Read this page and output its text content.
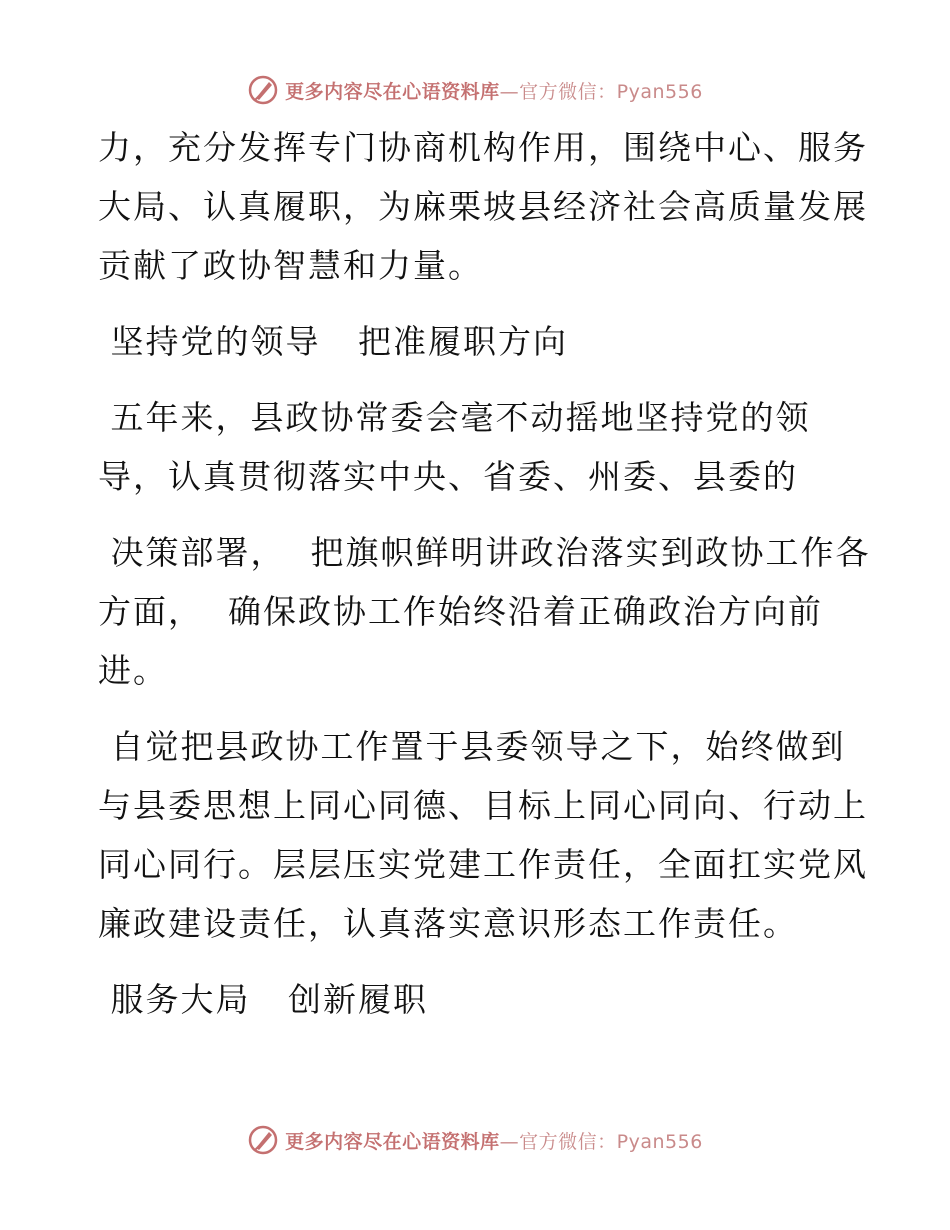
更多内容尽在心语资料库—官方微信：Pyan556
力，充分发挥专门协商机构作用，围绕中心、服务
大局、认真履职，为麻栗坡县经济社会高质量发展
贡献了政协智慧和力量。
坚持党的领导   把准履职方向
五年来，县政协常委会毫不动摇地坚持党的领
导，认真贯彻落实中央、省委、州委、县委的
决策部署，  把旗帜鲜明讲政治落实到政协工作各
方面，  确保政协工作始终沿着正确政治方向前
进。
自觉把县政协工作置于县委领导之下，始终做到
与县委思想上同心同德、目标上同心同向、行动上
同心同行。层层压实党建工作责任，全面扛实党风
廉政建设责任，认真落实意识形态工作责任。
服务大局   创新履职
更多内容尽在心语资料库—官方微信：Pyan556
